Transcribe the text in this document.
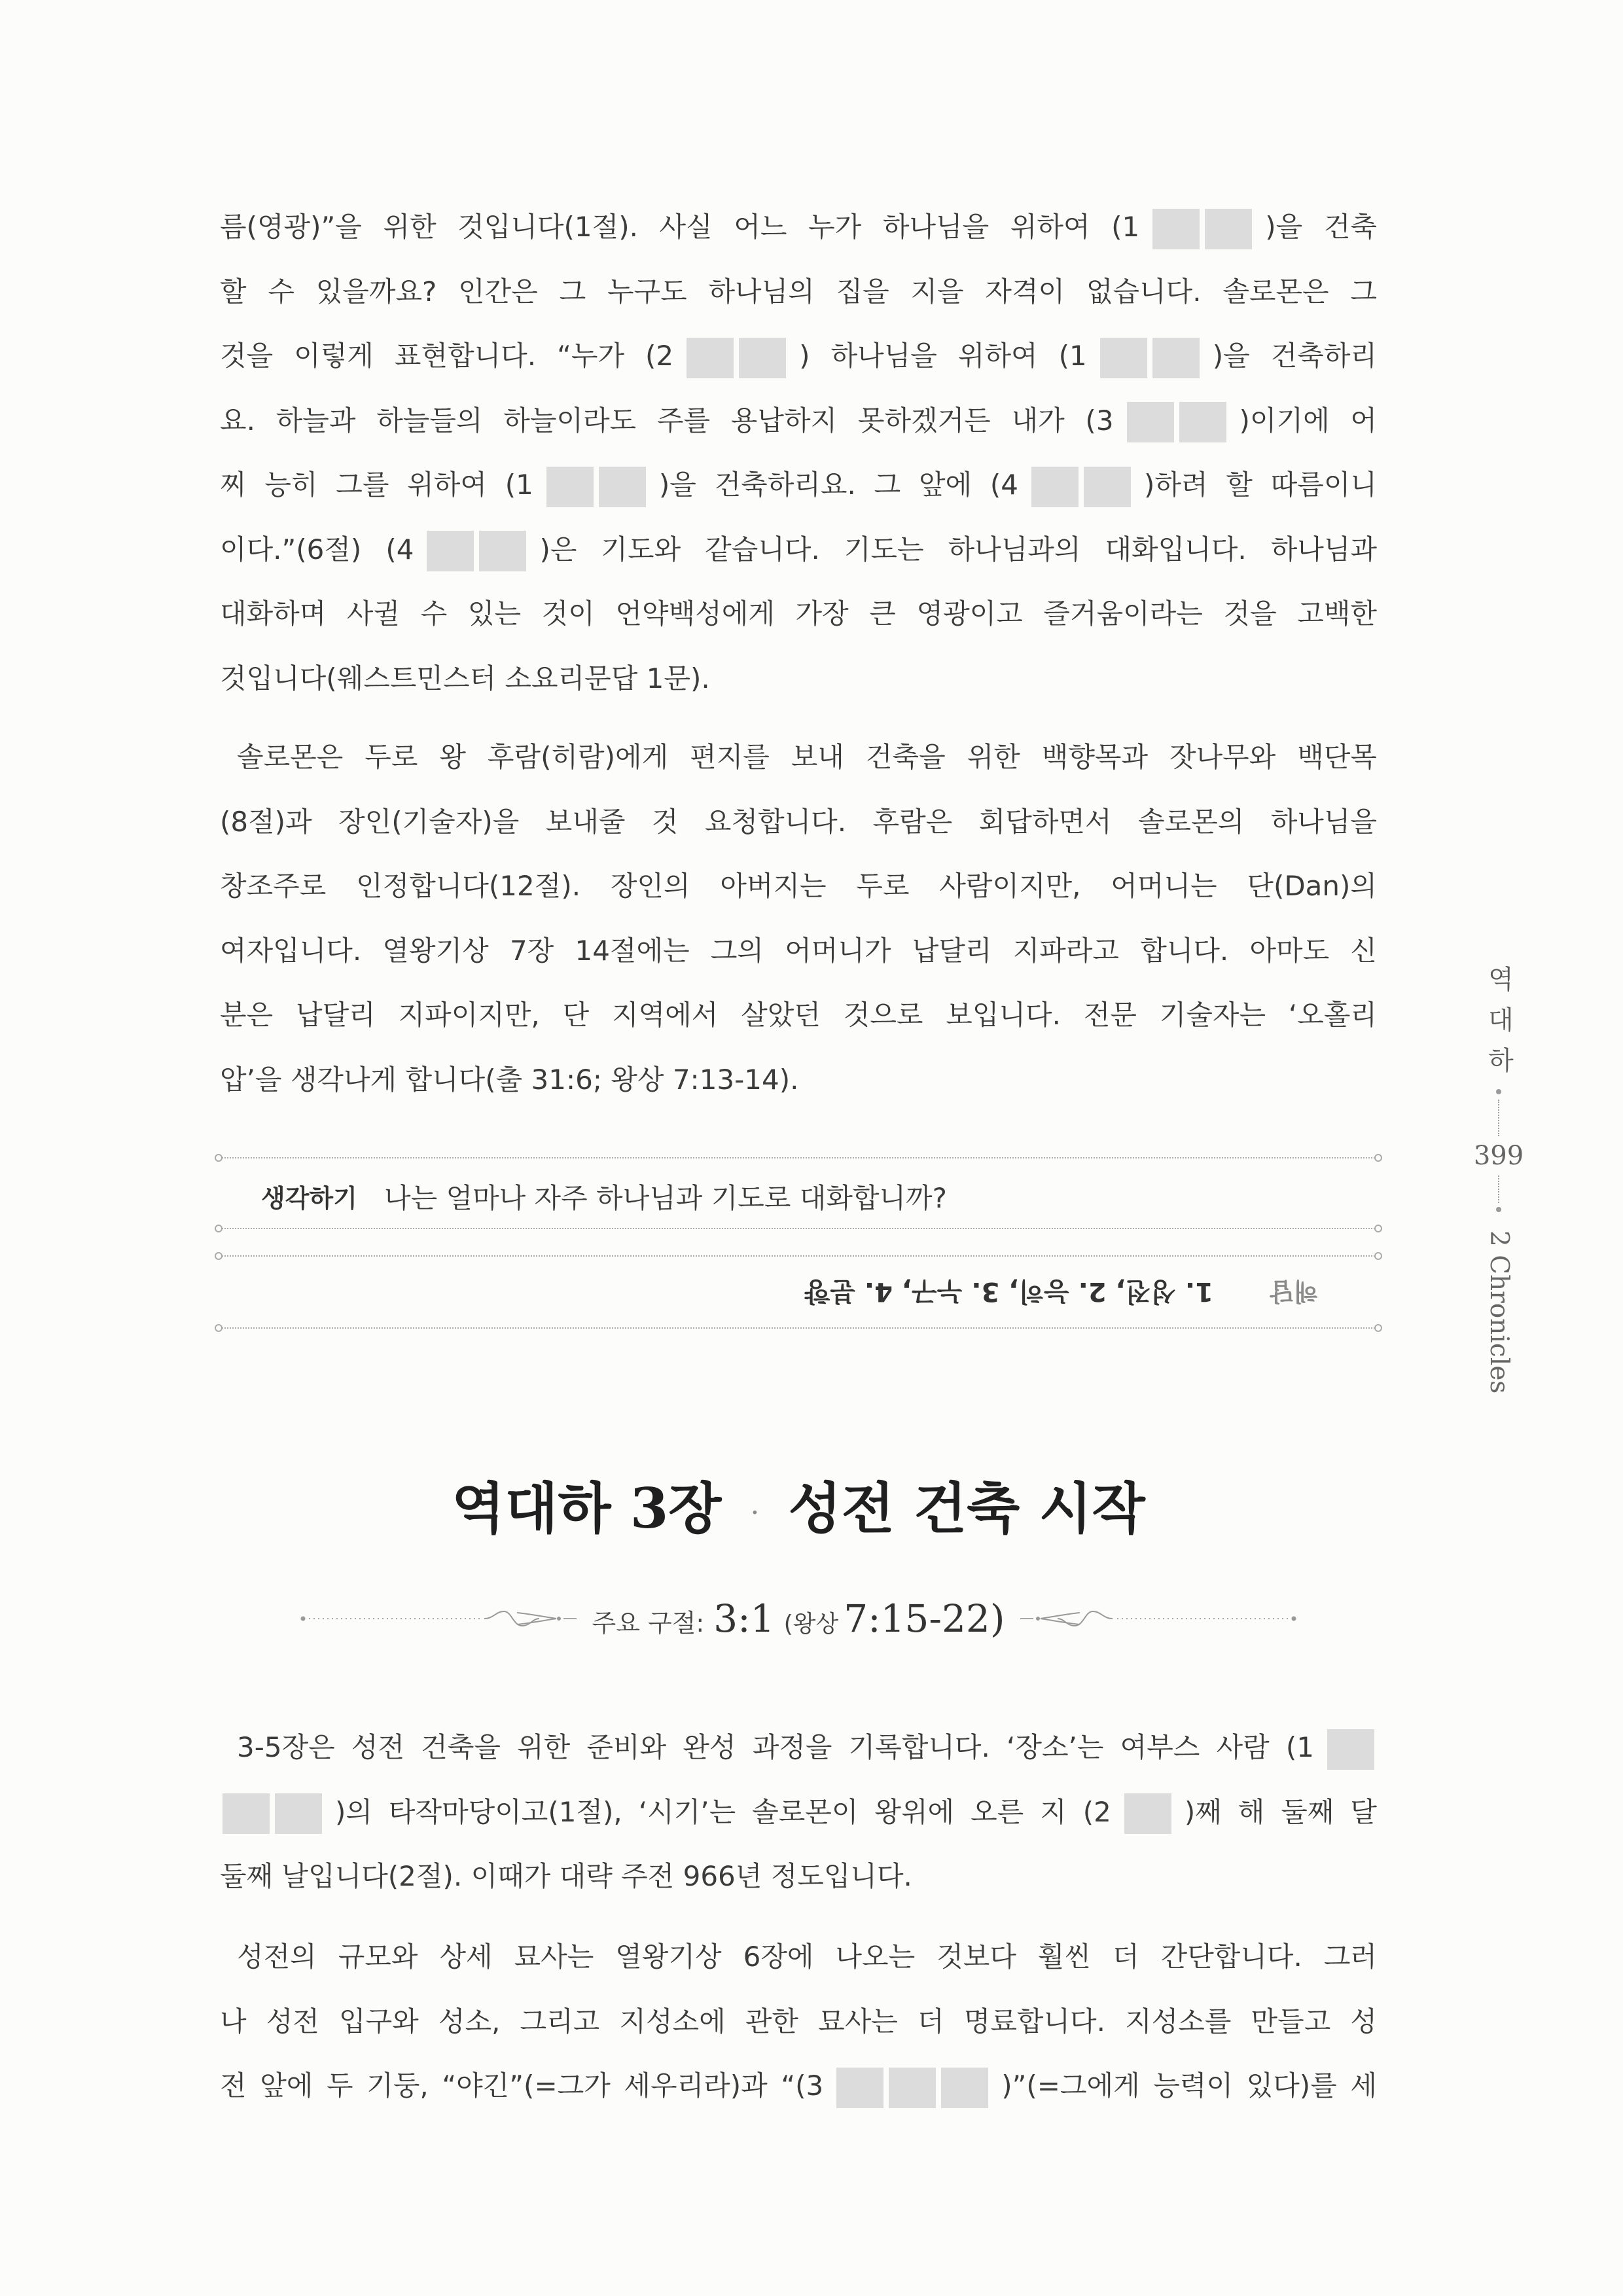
름(영광)”을 위한 것입니다(1절). 사실 어느 누가 하나님을 위하여 (1	)을 건축
할 수 있을까요? 인간은 그 누구도 하나님의 집을 지을 자격이 없습니다. 솔로몬은 그
것을 이렇게 표현합니다. “누가 (2	) 하나님을 위하여 (1	)을 건축하리
요. 하늘과 하늘들의 하늘이라도 주를 용납하지 못하겠거든 내가 (3	)이기에 어
찌 능히 그를 위하여 (1	)을 건축하리요. 그 앞에 (4	)하려 할 따름이니
이다.”(6절) (4	)은 기도와 같습니다. 기도는 하나님과의 대화입니다. 하나님과
대화하며 사귈 수 있는 것이 언약백성에게 가장 큰 영광이고 즐거움이라는 것을 고백한
것입니다(웨스트민스터 소요리문답 1문).
솔로몬은 두로 왕 후람(히람)에게 편지를 보내 건축을 위한 백향목과 잣나무와 백단목
(8절)과 장인(기술자)을 보내줄 것 요청합니다. 후람은 회답하면서 솔로몬의 하나님을
창조주로 인정합니다(12절). 장인의 아버지는 두로 사람이지만, 어머니는 단(Dan)의
여자입니다. 열왕기상 7장 14절에는 그의 어머니가 납달리 지파라고 합니다. 아마도 신
분은 납달리 지파이지만, 단 지역에서 살았던 것으로 보입니다. 전문 기술자는 ‘오홀리
압’을 생각나게 합니다(출 31:6; 왕상 7:13-14).
생각하기 나는 얼마나 자주 하나님과 기도로 대화합니까?
해답
1. 성전, 2. 능히, 3. 누구, 4. 분향
역대하 3장 · 성전 건축 시작
주요 구절: 3:1 (왕상 7:15-22)
3-5장은 성전 건축을 위한 준비와 완성 과정을 기록합니다. ‘장소’는 여부스 사람 (1
)의 타작마당이고(1절), ‘시기’는 솔로몬이 왕위에 오른 지 (2	)째 해 둘째 달
둘째 날입니다(2절). 이때가 대략 주전 966년 정도입니다.
성전의 규모와 상세 묘사는 열왕기상 6장에 나오는 것보다 훨씬 더 간단합니다. 그러
나 성전 입구와 성소, 그리고 지성소에 관한 묘사는 더 명료합니다. 지성소를 만들고 성
전 앞에 두 기둥, “야긴”(=그가 세우리라)과 “(3	)”(=그에게 능력이 있다)를 세
역대하
399
2 Chronicles
